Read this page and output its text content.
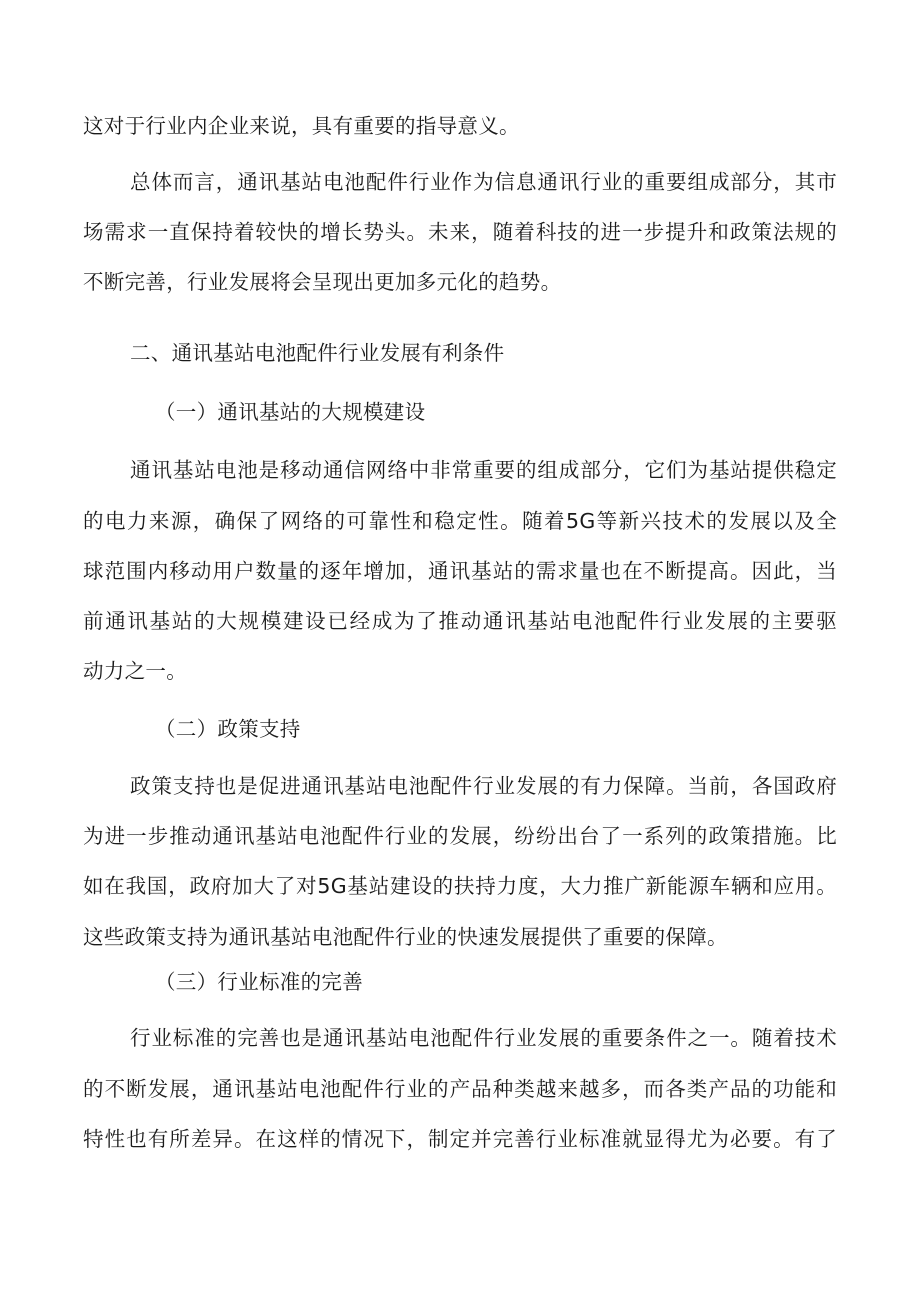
这对于行业内企业来说，具有重要的指导意义。
总体而言，通讯基站电池配件行业作为信息通讯行业的重要组成部分，其市
场需求一直保持着较快的增长势头。未来，随着科技的进一步提升和政策法规的
不断完善，行业发展将会呈现出更加多元化的趋势。
二、通讯基站电池配件行业发展有利条件
（一）通讯基站的大规模建设
通讯基站电池是移动通信网络中非常重要的组成部分，它们为基站提供稳定
的电力来源，确保了网络的可靠性和稳定性。随着5G等新兴技术的发展以及全
球范围内移动用户数量的逐年增加，通讯基站的需求量也在不断提高。因此，当
前通讯基站的大规模建设已经成为了推动通讯基站电池配件行业发展的主要驱
动力之一。
（二）政策支持
政策支持也是促进通讯基站电池配件行业发展的有力保障。当前，各国政府
为进一步推动通讯基站电池配件行业的发展，纷纷出台了一系列的政策措施。比
如在我国，政府加大了对5G基站建设的扶持力度，大力推广新能源车辆和应用。
这些政策支持为通讯基站电池配件行业的快速发展提供了重要的保障。
（三）行业标准的完善
行业标准的完善也是通讯基站电池配件行业发展的重要条件之一。随着技术
的不断发展，通讯基站电池配件行业的产品种类越来越多，而各类产品的功能和
特性也有所差异。在这样的情况下，制定并完善行业标准就显得尤为必要。有了
